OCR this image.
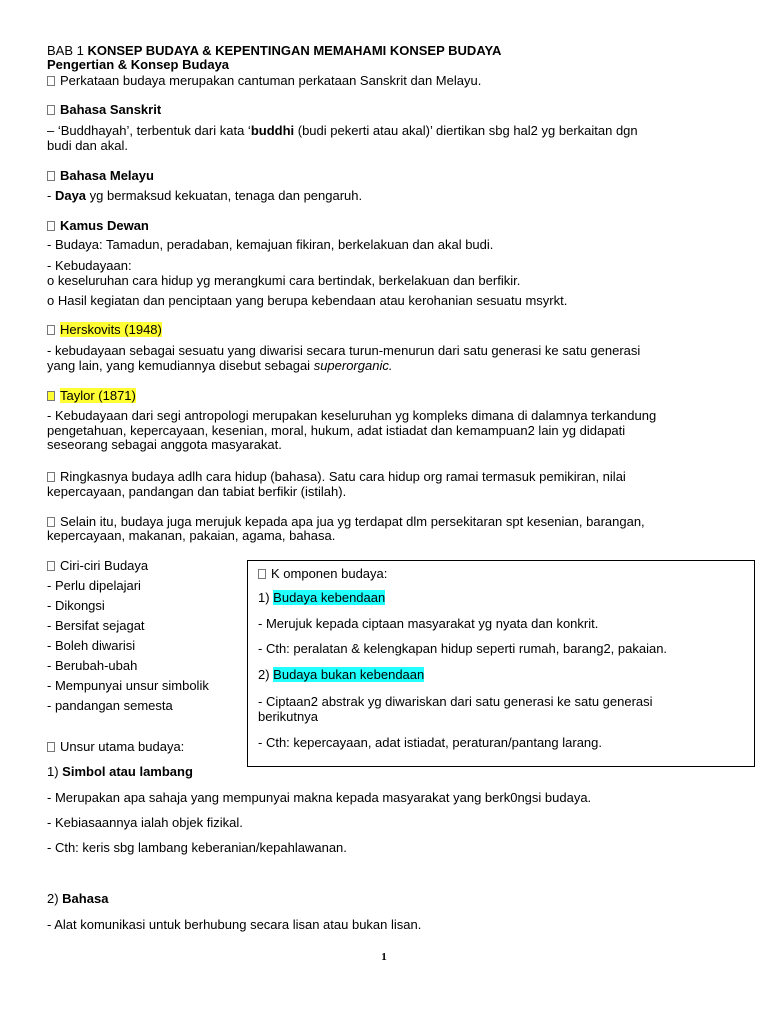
BAB 1 KONSEP BUDAYA & KEPENTINGAN MEMAHAMI KONSEP BUDAYA
Pengertian & Konsep Budaya
Perkataan budaya merupakan cantuman perkataan Sanskrit dan Melayu.
Bahasa Sanskrit
– ‘Buddhayah’, terbentuk dari kata ‘buddhi (budi pekerti atau akal)’ diertikan sbg hal2 yg berkaitan dgn
budi dan akal.
Bahasa Melayu
- Daya yg bermaksud kekuatan, tenaga dan pengaruh.
Kamus Dewan
- Budaya: Tamadun, peradaban, kemajuan fikiran, berkelakuan dan akal budi.
- Kebudayaan:
o keseluruhan cara hidup yg merangkumi cara bertindak, berkelakuan dan berfikir.
o Hasil kegiatan dan penciptaan yang berupa kebendaan atau kerohanian sesuatu msyrkt.
Herskovits (1948)
- kebudayaan sebagai sesuatu yang diwarisi secara turun-menurun dari satu generasi ke satu generasi
yang lain, yang kemudiannya disebut sebagai superorganic.
Taylor (1871)
- Kebudayaan dari segi antropologi merupakan keseluruhan yg kompleks dimana di dalamnya terkandung
pengetahuan, kepercayaan, kesenian, moral, hukum, adat istiadat dan kemampuan2 lain yg didapati
seseorang sebagai anggota masyarakat.
Ringkasnya budaya adlh cara hidup (bahasa). Satu cara hidup org ramai termasuk pemikiran, nilai
kepercayaan, pandangan dan tabiat berfikir (istilah).
Selain itu, budaya juga merujuk kepada apa jua yg terdapat dlm persekitaran spt kesenian, barangan,
kepercayaan, makanan, pakaian, agama, bahasa.
Ciri-ciri Budaya
- Perlu dipelajari
- Dikongsi
- Bersifat sejagat
- Boleh diwarisi
- Berubah-ubah
- Mempunyai unsur simbolik
- pandangan semesta
K omponen budaya:
1) Budaya kebendaan
- Merujuk kepada ciptaan masyarakat yg nyata dan konkrit.
- Cth: peralatan & kelengkapan hidup seperti rumah, barang2, pakaian.
2) Budaya bukan kebendaan
- Ciptaan2 abstrak yg diwariskan dari satu generasi ke satu generasi
berikutnya
- Cth: kepercayaan, adat istiadat, peraturan/pantang larang.
Unsur utama budaya:
1) Simbol atau lambang
- Merupakan apa sahaja yang mempunyai makna kepada masyarakat yang berk0ngsi budaya.
- Kebiasaannya ialah objek fizikal.
- Cth: keris sbg lambang keberanian/kepahlawanan.
2) Bahasa
- Alat komunikasi untuk berhubung secara lisan atau bukan lisan.
1
